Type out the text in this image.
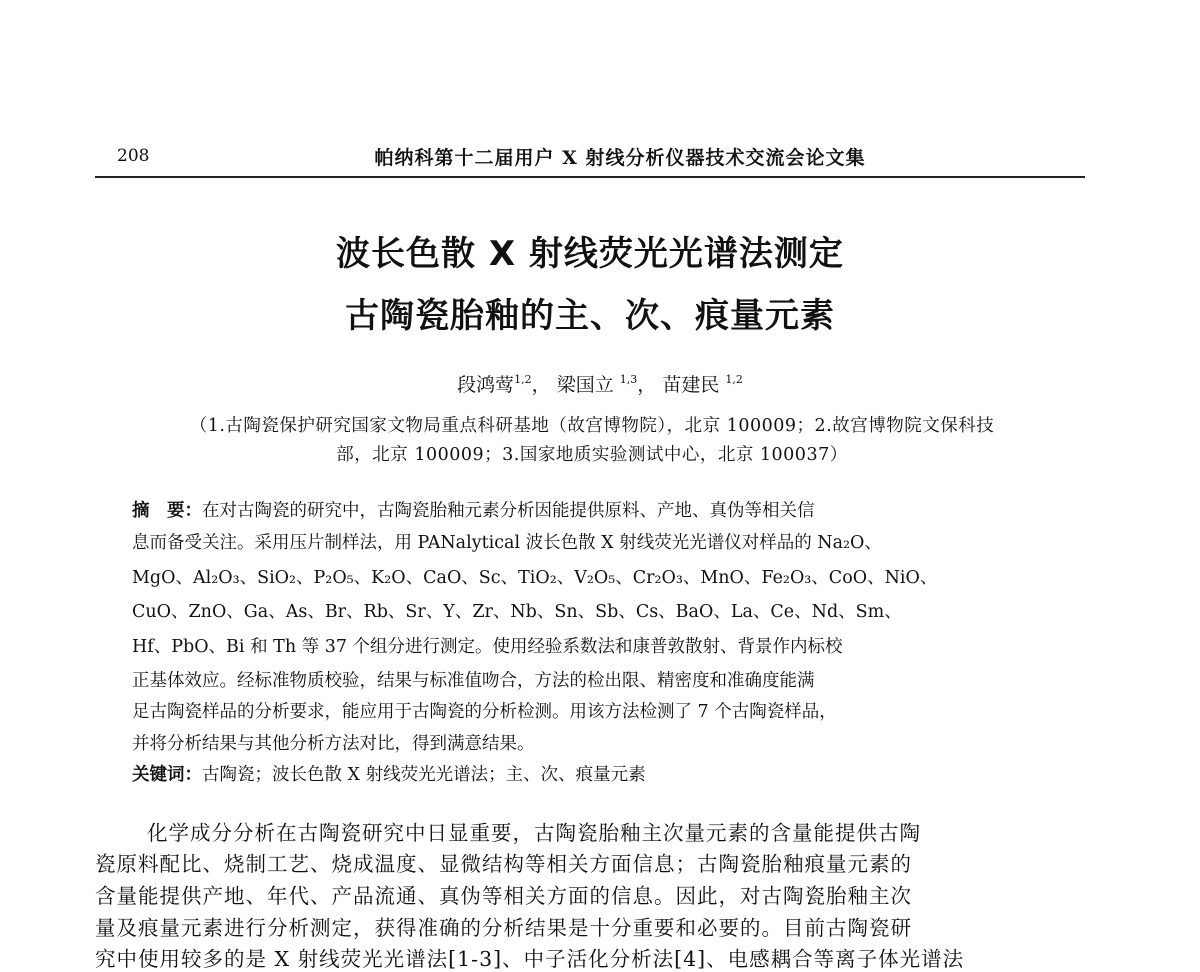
208	帕纳科第十二届用户 X 射线分析仪器技术交流会论文集
波长色散 X 射线荧光光谱法测定
古陶瓷胎釉的主、次、痕量元素
段鸿莺$^{1,2}$， 梁国立 $^{1,3}$， 苗建民 $^{1,2}$
（1.古陶瓷保护研究国家文物局重点科研基地（故宫博物院），北京 100009；2.故宫博物院文保科技
部，北京 100009；3.国家地质实验测试中心，北京 100037）
摘　要：在对古陶瓷的研究中，古陶瓷胎釉元素分析因能提供原料、产地、真伪等相关信
息而备受关注。采用压片制样法，用 PANalytical 波长色散 X 射线荧光光谱仪对样品的 Na₂O、
MgO、Al₂O₃、SiO₂、P₂O₅、K₂O、CaO、Sc、TiO₂、V₂O₅、Cr₂O₃、MnO、Fe₂O₃、CoO、NiO、
CuO、ZnO、Ga、As、Br、Rb、Sr、Y、Zr、Nb、Sn、Sb、Cs、BaO、La、Ce、Nd、Sm、
Hf、PbO、Bi 和 Th 等 37 个组分进行测定。使用经验系数法和康普敦散射、背景作内标校
正基体效应。经标准物质校验，结果与标准值吻合，方法的检出限、精密度和准确度能满
足古陶瓷样品的分析要求，能应用于古陶瓷的分析检测。用该方法检测了 7 个古陶瓷样品，
并将分析结果与其他分析方法对比，得到满意结果。
关键词：古陶瓷；波长色散 X 射线荧光光谱法；主、次、痕量元素
化学成分分析在古陶瓷研究中日显重要，古陶瓷胎釉主次量元素的含量能提供古陶
瓷原料配比、烧制工艺、烧成温度、显微结构等相关方面信息；古陶瓷胎釉痕量元素的
含量能提供产地、年代、产品流通、真伪等相关方面的信息。因此，对古陶瓷胎釉主次
量及痕量元素进行分析测定，获得准确的分析结果是十分重要和必要的。目前古陶瓷研
究中使用较多的是 X 射线荧光光谱法[1-3]、中子活化分析法[4]、电感耦合等离子体光谱法
